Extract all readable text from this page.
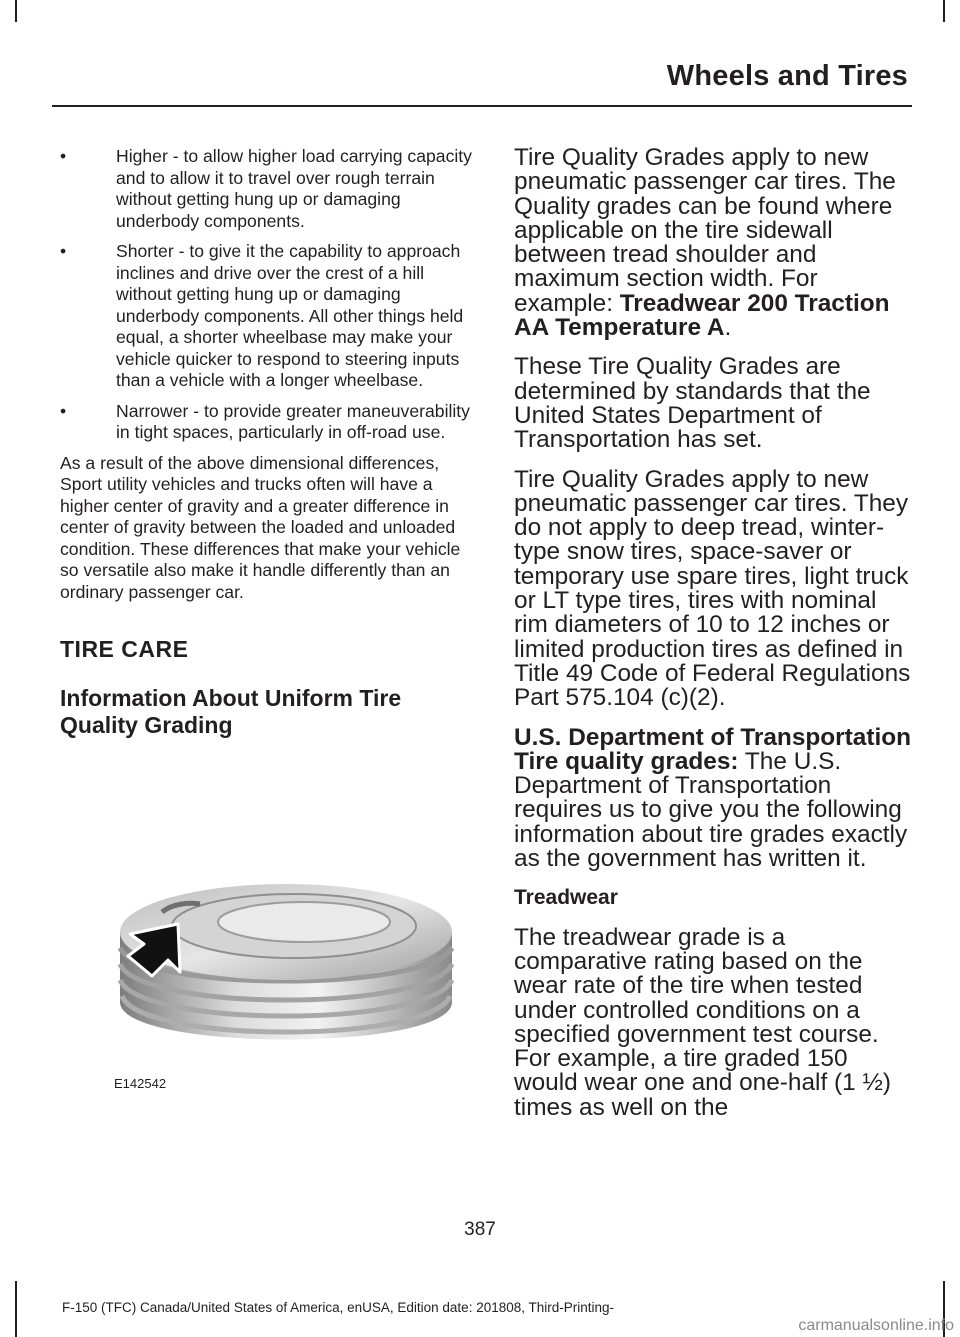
Wheels and Tires
•	Higher - to allow higher load carrying capacity and to allow it to travel over rough terrain without getting hung up or damaging underbody components.
•	Shorter - to give it the capability to approach inclines and drive over the crest of a hill without getting hung up or damaging underbody components. All other things held equal, a shorter wheelbase may make your vehicle quicker to respond to steering inputs than a vehicle with a longer wheelbase.
•	Narrower - to provide greater maneuverability in tight spaces, particularly in off-road use.

As a result of the above dimensional differences, Sport utility vehicles and trucks often will have a higher center of gravity and a greater difference in center of gravity between the loaded and unloaded condition. These differences that make your vehicle so versatile also make it handle differently than an ordinary passenger car.

TIRE CARE
Information About Uniform Tire Quality Grading
E142542

Tire Quality Grades apply to new pneumatic passenger car tires. The Quality grades can be found where applicable on the tire sidewall between tread shoulder and maximum section width. For example: Treadwear 200 Traction AA Temperature A.

These Tire Quality Grades are determined by standards that the United States Department of Transportation has set.

Tire Quality Grades apply to new pneumatic passenger car tires. They do not apply to deep tread, winter-type snow tires, space-saver or temporary use spare tires, light truck or LT type tires, tires with nominal rim diameters of 10 to 12 inches or limited production tires as defined in Title 49 Code of Federal Regulations Part 575.104 (c)(2).

U.S. Department of Transportation Tire quality grades: The U.S. Department of Transportation requires us to give you the following information about tire grades exactly as the government has written it.

Treadwear

The treadwear grade is a comparative rating based on the wear rate of the tire when tested under controlled conditions on a specified government test course. For example, a tire graded 150 would wear one and one-half (1 ½) times as well on the

387
F-150 (TFC) Canada/United States of America, enUSA, Edition date: 201808, Third-Printing-
carmanualsonline.info
